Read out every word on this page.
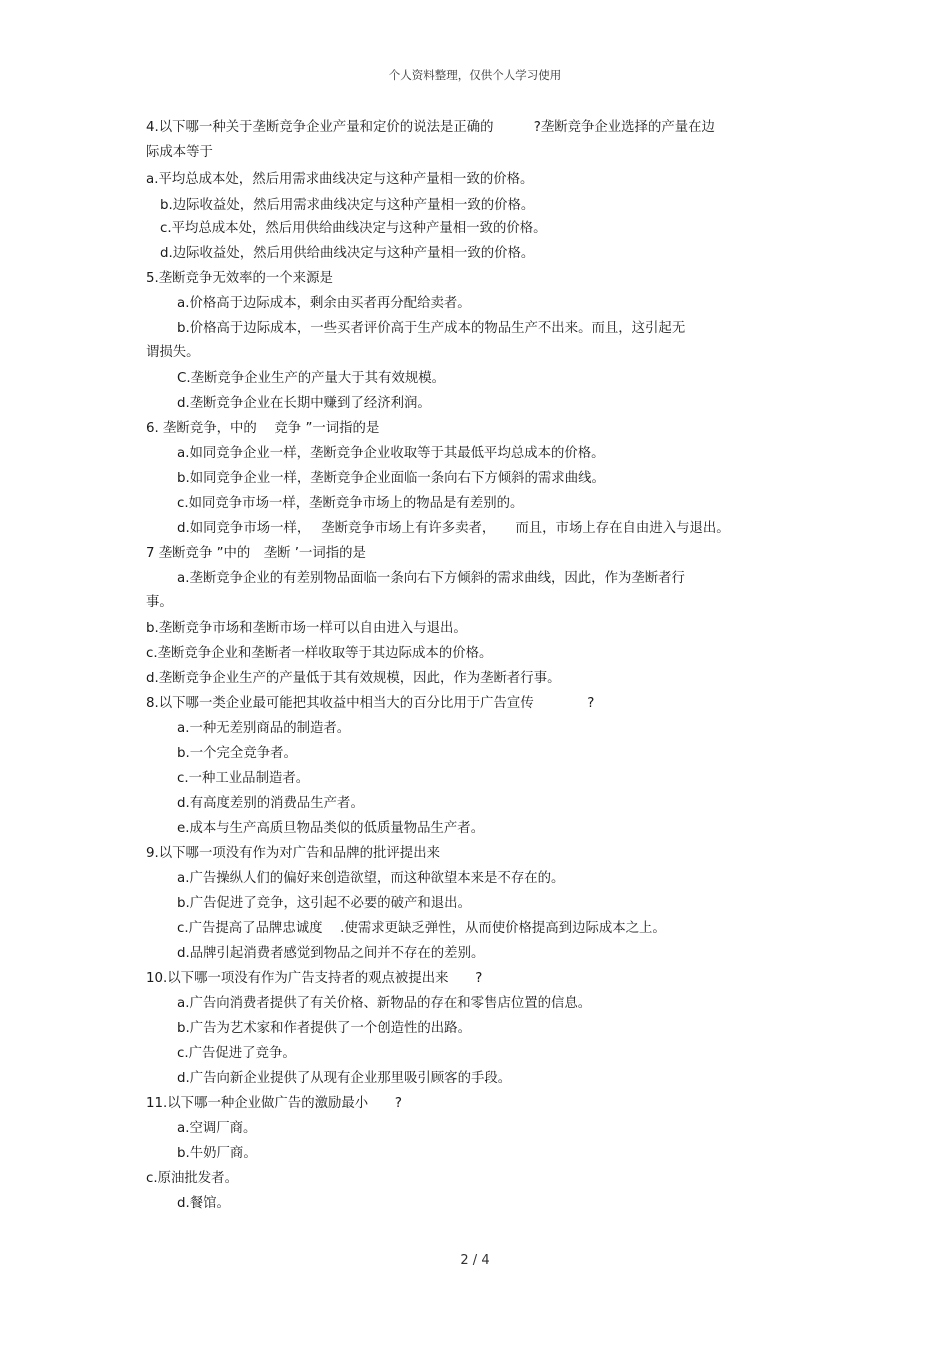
个人资料整理，仅供个人学习使用
4.以下哪一种关于垄断竞争企业产量和定价的说法是正确的　　　?垄断竞争企业选择的产量在边
际成本等于
a.平均总成本处，然后用需求曲线决定与这种产量相一致的价格。
b.边际收益处，然后用需求曲线决定与这种产量相一致的价格。
c.平均总成本处，然后用供给曲线决定与这种产量相一致的价格。
d.边际收益处，然后用供给曲线决定与这种产量相一致的价格。
5.垄断竞争无效率的一个来源是
a.价格高于边际成本，剩余由买者再分配给卖者。
b.价格高于边际成本，一些买者评价高于生产成本的物品生产不出来。而且，这引起无
谓损失。
C.垄断竞争企业生产的产量大于其有效规模。
d.垄断竞争企业在长期中赚到了经济利润。
6. 垄断竞争，中的　 竞争 ”一词指的是
a.如同竞争企业一样，垄断竞争企业收取等于其最低平均总成本的价格。
b.如同竞争企业一样，垄断竞争企业面临一条向右下方倾斜的需求曲线。
c.如同竞争市场一样，垄断竞争市场上的物品是有差别的。
d.如同竞争市场一样，　 垄断竞争市场上有许多卖者，　　而且，市场上存在自由进入与退出。
7 垄断竞争 ”中的　垄断 ’一词指的是
a.垄断竞争企业的有差别物品面临一条向右下方倾斜的需求曲线，因此，作为垄断者行
事。
b.垄断竞争市场和垄断市场一样可以自由进入与退出。
c.垄断竞争企业和垄断者一样收取等于其边际成本的价格。
d.垄断竞争企业生产的产量低于其有效规模，因此，作为垄断者行事。
8.以下哪一类企业最可能把其收益中相当大的百分比用于广告宣传　　　　?
a.一种无差别商品的制造者。
b.一个完全竞争者。
c.一种工业品制造者。
d.有高度差别的消费品生产者。
e.成本与生产高质旦物品类似的低质量物品生产者。
9.以下哪一项没有作为对广告和品牌的批评提出来
a.广告操纵人们的偏好来创造欲望，而这种欲望本来是不存在的。
b.广告促进了竞争，这引起不必要的破产和退出。
c.广告提高了品牌忠诚度　 .使需求更缺乏弹性，从而使价格提高到边际成本之上。
d.品牌引起消费者感觉到物品之间并不存在的差别。
10.以下哪一项没有作为广告支持者的观点被提出来　　?
a.广告向消费者提供了有关价格、新物品的存在和零售店位置的信息。
b.广告为艺术家和作者提供了一个创造性的出路。
c.广告促进了竞争。
d.广告向新企业提供了从现有企业那里吸引顾客的手段。
11.以下哪一种企业做广告的激励最小　　?
a.空调厂商。
b.牛奶厂商。
c.原油批发者。
d.餐馆。
2 / 4
